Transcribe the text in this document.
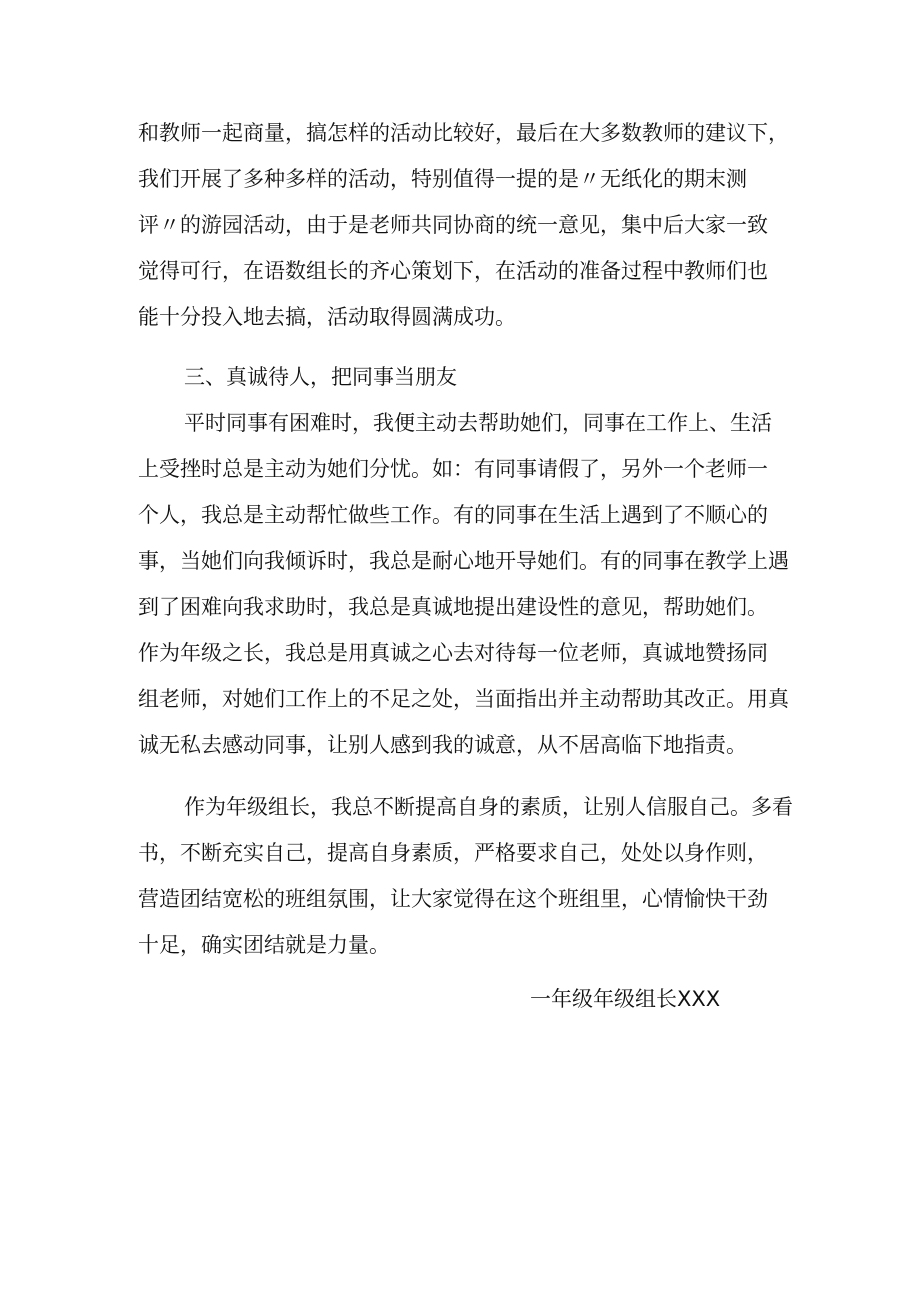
和教师一起商量，搞怎样的活动比较好，最后在大多数教师的建议下，

我们开展了多种多样的活动，特别值得一提的是〃无纸化的期末测

评〃的游园活动，由于是老师共同协商的统一意见，集中后大家一致

觉得可行，在语数组长的齐心策划下，在活动的准备过程中教师们也

能十分投入地去搞，活动取得圆满成功。

三、真诚待人，把同事当朋友

平时同事有困难时，我便主动去帮助她们，同事在工作上、生活

上受挫时总是主动为她们分忧。如：有同事请假了，另外一个老师一

个人，我总是主动帮忙做些工作。有的同事在生活上遇到了不顺心的

事，当她们向我倾诉时，我总是耐心地开导她们。有的同事在教学上遇

到了困难向我求助时，我总是真诚地提出建设性的意见，帮助她们。

作为年级之长，我总是用真诚之心去对待每一位老师，真诚地赞扬同

组老师，对她们工作上的不足之处，当面指出并主动帮助其改正。用真

诚无私去感动同事，让别人感到我的诚意，从不居高临下地指责。

作为年级组长，我总不断提高自身的素质，让别人信服自己。多看

书，不断充实自己，提高自身素质，严格要求自己，处处以身作则，

营造团结宽松的班组氛围，让大家觉得在这个班组里，心情愉快干劲

十足，确实团结就是力量。

一年级年级组长XXX
